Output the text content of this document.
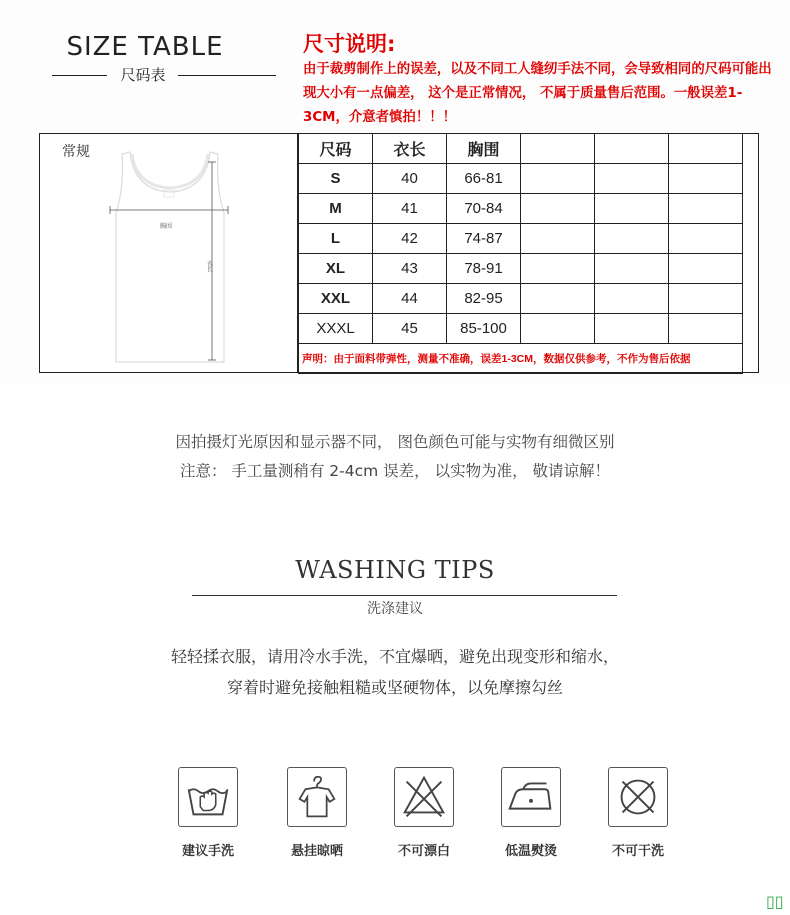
SIZE TABLE
尺码表
尺寸说明:
由于裁剪制作上的误差，以及不同工人缝纫手法不同，会导致相同的尺码可能出现大小有一点偏差， 这个是正常情况， 不属于质量售后范围。一般误差1-3CM，介意者慎拍！！！
常规
胸围
衣长
尺码	衣长	胸围			
S	40	66-81			
M	41	70-84			
L	42	74-87			
XL	43	78-91			
XXL	44	82-95			
XXXL	45	85-100			
声明：由于面料带弹性，测量不准确，误差1-3CM，数据仅供参考，不作为售后依据					
因拍摄灯光原因和显示器不同， 图色颜色可能与实物有细微区别
注意： 手工量测稍有 2-4cm 误差， 以实物为准， 敬请谅解！
WASHING TIPS
洗涤建议
轻轻揉衣服，请用冷水手洗，不宜爆晒，避免出现变形和缩水，
穿着时避免接触粗糙或坚硬物体，以免摩擦勾丝
建议手洗	悬挂晾晒	不可漂白	低温熨烫	不可干洗
▯▯
